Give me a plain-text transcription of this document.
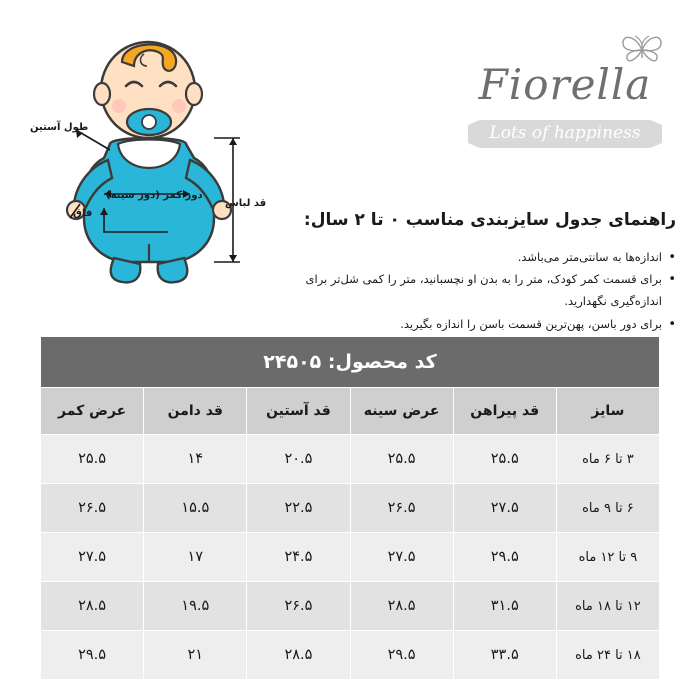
طول آستین
دور کمر (دور سینه)
فاق
قد لباس
Fiorella
Lots of happiness
راهنمای جدول سایزبندی مناسب ۰ تا ۲ سال:
• اندازه‌ها به سانتی‌متر می‌باشد.
• برای قسمت کمر کودک، متر را به بدن او نچسبانید، متر را کمی شل‌تر برای اندازه‌گیری نگهدارید.
• برای دور باسن، پهن‌ترین قسمت باسن را اندازه بگیرید.
کد محصول: ۲۴۵۰۵					
سایز	قد پیراهن	عرض سینه	قد آستین	قد دامن	عرض کمر
۳ تا ۶ ماه	۲۵.۵	۲۵.۵	۲۰.۵	۱۴	۲۵.۵
۶ تا ۹ ماه	۲۷.۵	۲۶.۵	۲۲.۵	۱۵.۵	۲۶.۵
۹ تا ۱۲ ماه	۲۹.۵	۲۷.۵	۲۴.۵	۱۷	۲۷.۵
۱۲ تا ۱۸ ماه	۳۱.۵	۲۸.۵	۲۶.۵	۱۹.۵	۲۸.۵
۱۸ تا ۲۴ ماه	۳۳.۵	۲۹.۵	۲۸.۵	۲۱	۲۹.۵
